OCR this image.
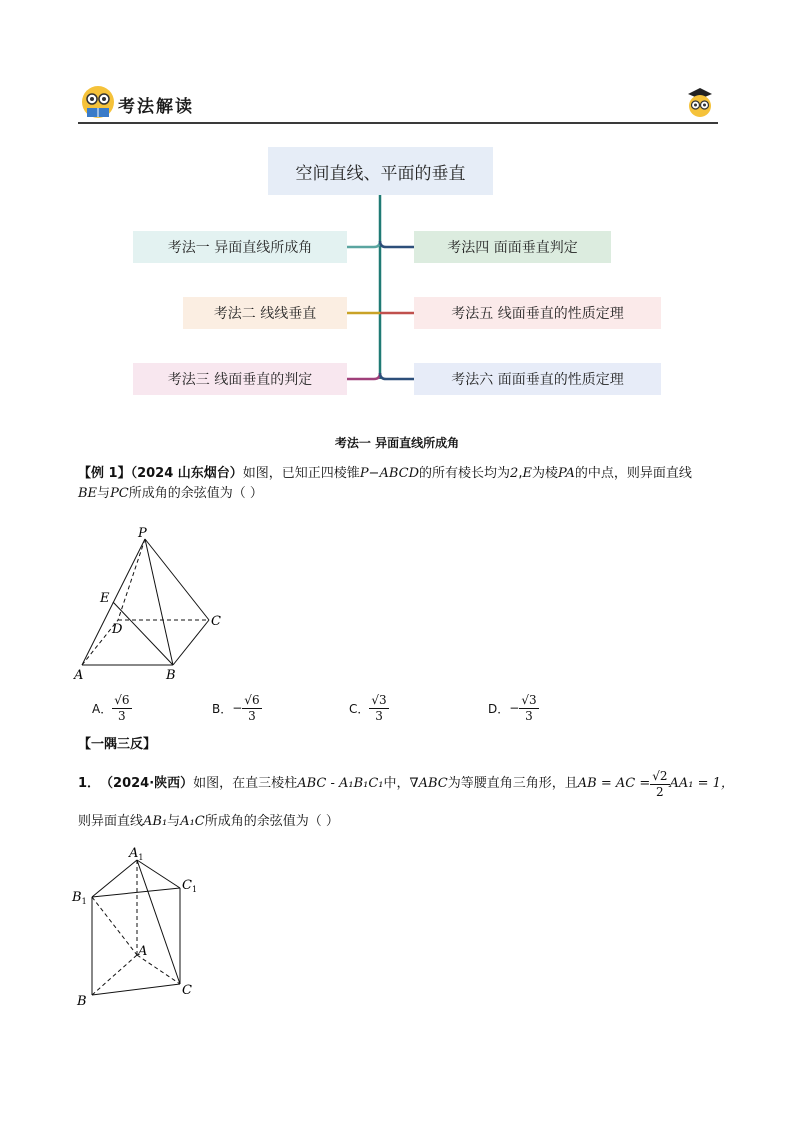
考法解读
空间直线、平面的垂直
考法一 异面直线所成角
考法二 线线垂直
考法三 线面垂直的判定
考法四 面面垂直判定
考法五 线面垂直的性质定理
考法六 面面垂直的性质定理
考法一 异面直线所成角
【例 1】（2024 山东烟台）如图，已知正四棱锥P−ABCD的所有棱长均为2,E为棱PA的中点，则异面直线
BE与PC所成角的余弦值为（ ）
P
E
D
C
A	B
A． $\frac{√6}{3}$	B． − $\frac{√6}{3}$	C． $\frac{√3}{3}$	D． − $\frac{√3}{3}$
【一隅三反】
1． （2024·陕西） 如图，在直三棱柱 ABC - A₁B₁C₁ 中， ∇ABC 为等腰直角三角形，且 AB = AC = $\frac{√2}{2} AA_1 = 1$，
则异面直线AB₁与A₁C所成角的余弦值为（ ）
$A_1$
$B_1$
$C_1$
A
B
C
